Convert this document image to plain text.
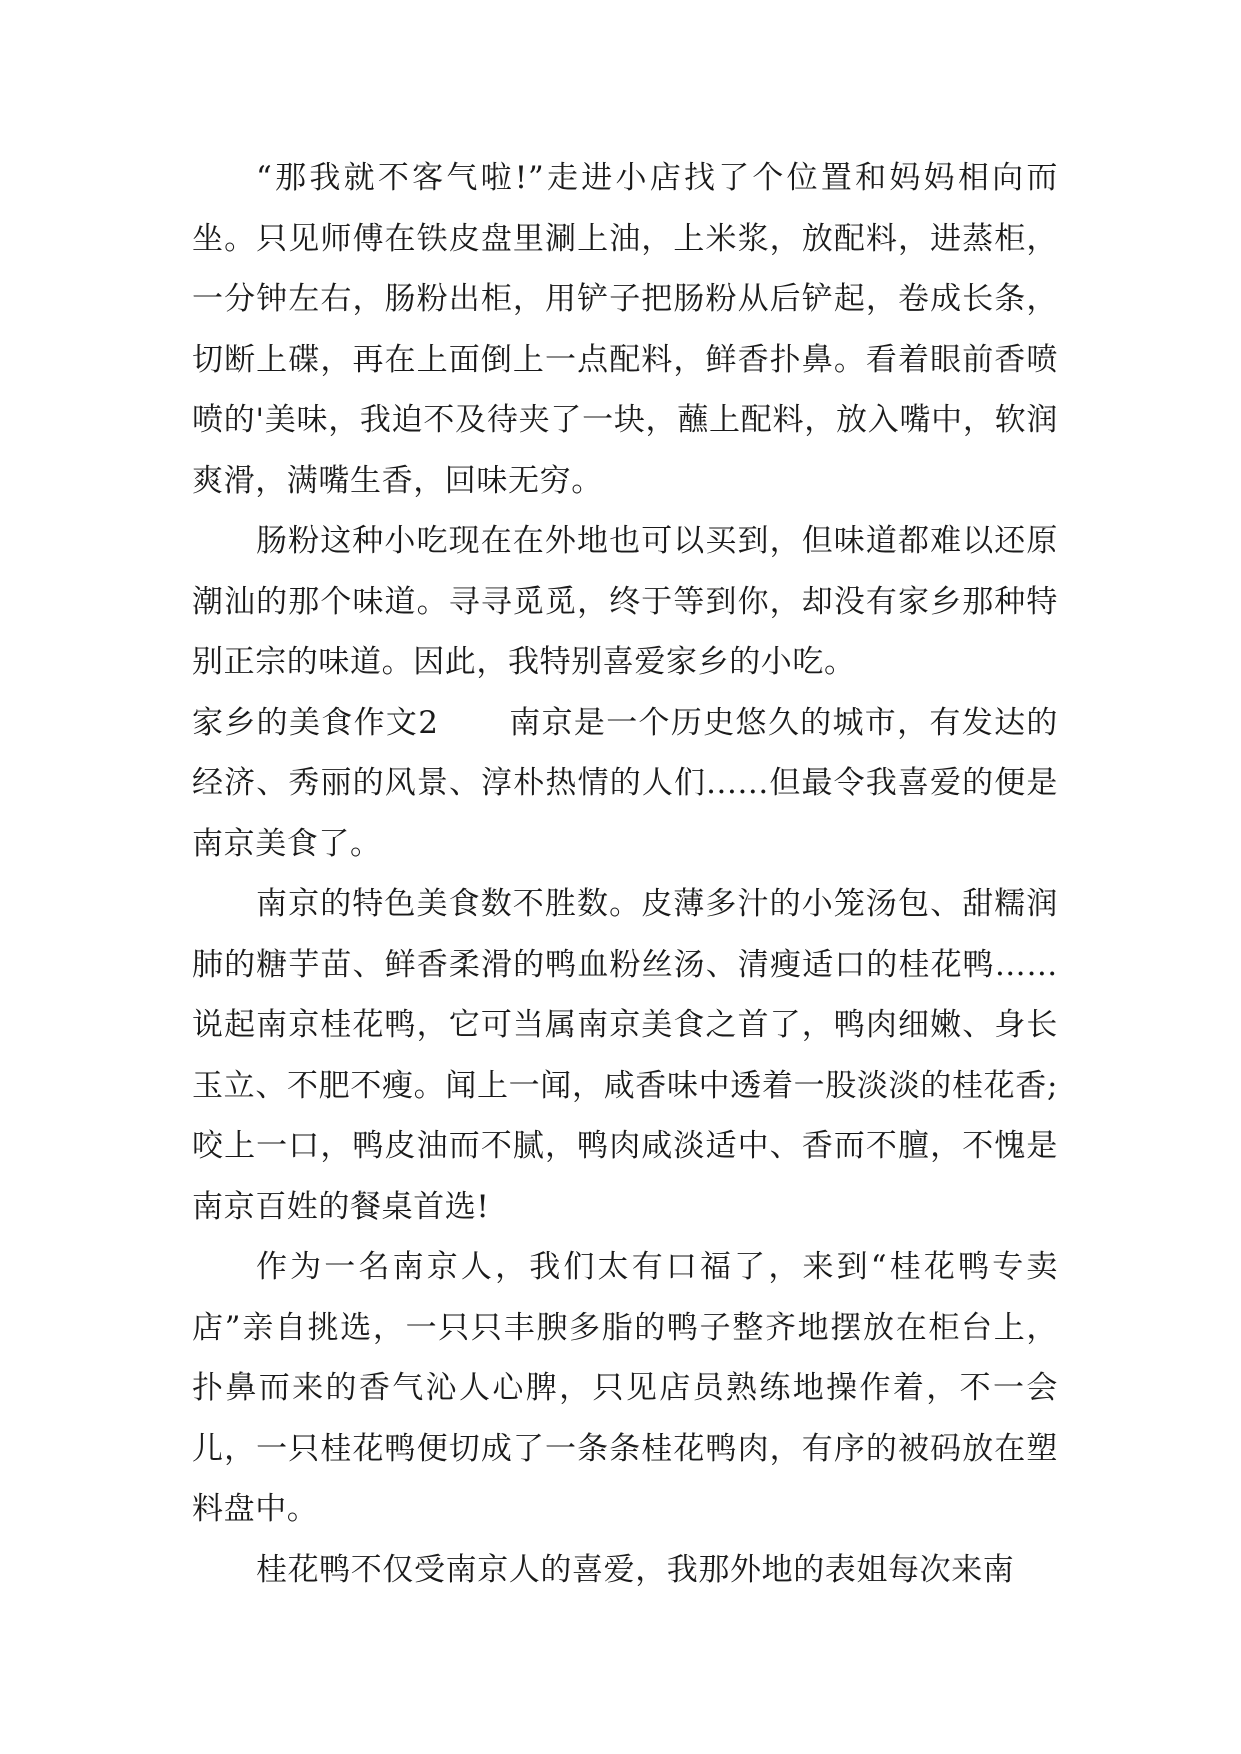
“那我就不客气啦!”走进小店找了个位置和妈妈相向而坐。只见师傅在铁皮盘里涮上油，上米浆，放配料，进蒸柜，一分钟左右，肠粉出柜，用铲子把肠粉从后铲起，卷成长条，切断上碟，再在上面倒上一点配料，鲜香扑鼻。看着眼前香喷喷的'美味，我迫不及待夹了一块，蘸上配料，放入嘴中，软润爽滑，满嘴生香，回味无穷。

肠粉这种小吃现在在外地也可以买到，但味道都难以还原潮汕的那个味道。寻寻觅觅，终于等到你，却没有家乡那种特别正宗的味道。因此，我特别喜爱家乡的小吃。

家乡的美食作文2 南京是一个历史悠久的城市，有发达的经济、秀丽的风景、淳朴热情的人们......但最令我喜爱的便是南京美食了。

南京的特色美食数不胜数。皮薄多汁的小笼汤包、甜糯润肺的糖芋苗、鲜香柔滑的鸭血粉丝汤、清瘦适口的桂花鸭……说起南京桂花鸭，它可当属南京美食之首了，鸭肉细嫩、身长玉立、不肥不瘦。闻上一闻，咸香味中透着一股淡淡的桂花香;咬上一口，鸭皮油而不腻，鸭肉咸淡适中、香而不膻，不愧是南京百姓的餐桌首选!

作为一名南京人，我们太有口福了，来到“桂花鸭专卖店”亲自挑选，一只只丰腴多脂的鸭子整齐地摆放在柜台上，扑鼻而来的香气沁人心脾，只见店员熟练地操作着，不一会儿，一只桂花鸭便切成了一条条桂花鸭肉，有序的被码放在塑料盘中。

桂花鸭不仅受南京人的喜爱，我那外地的表姐每次来南
